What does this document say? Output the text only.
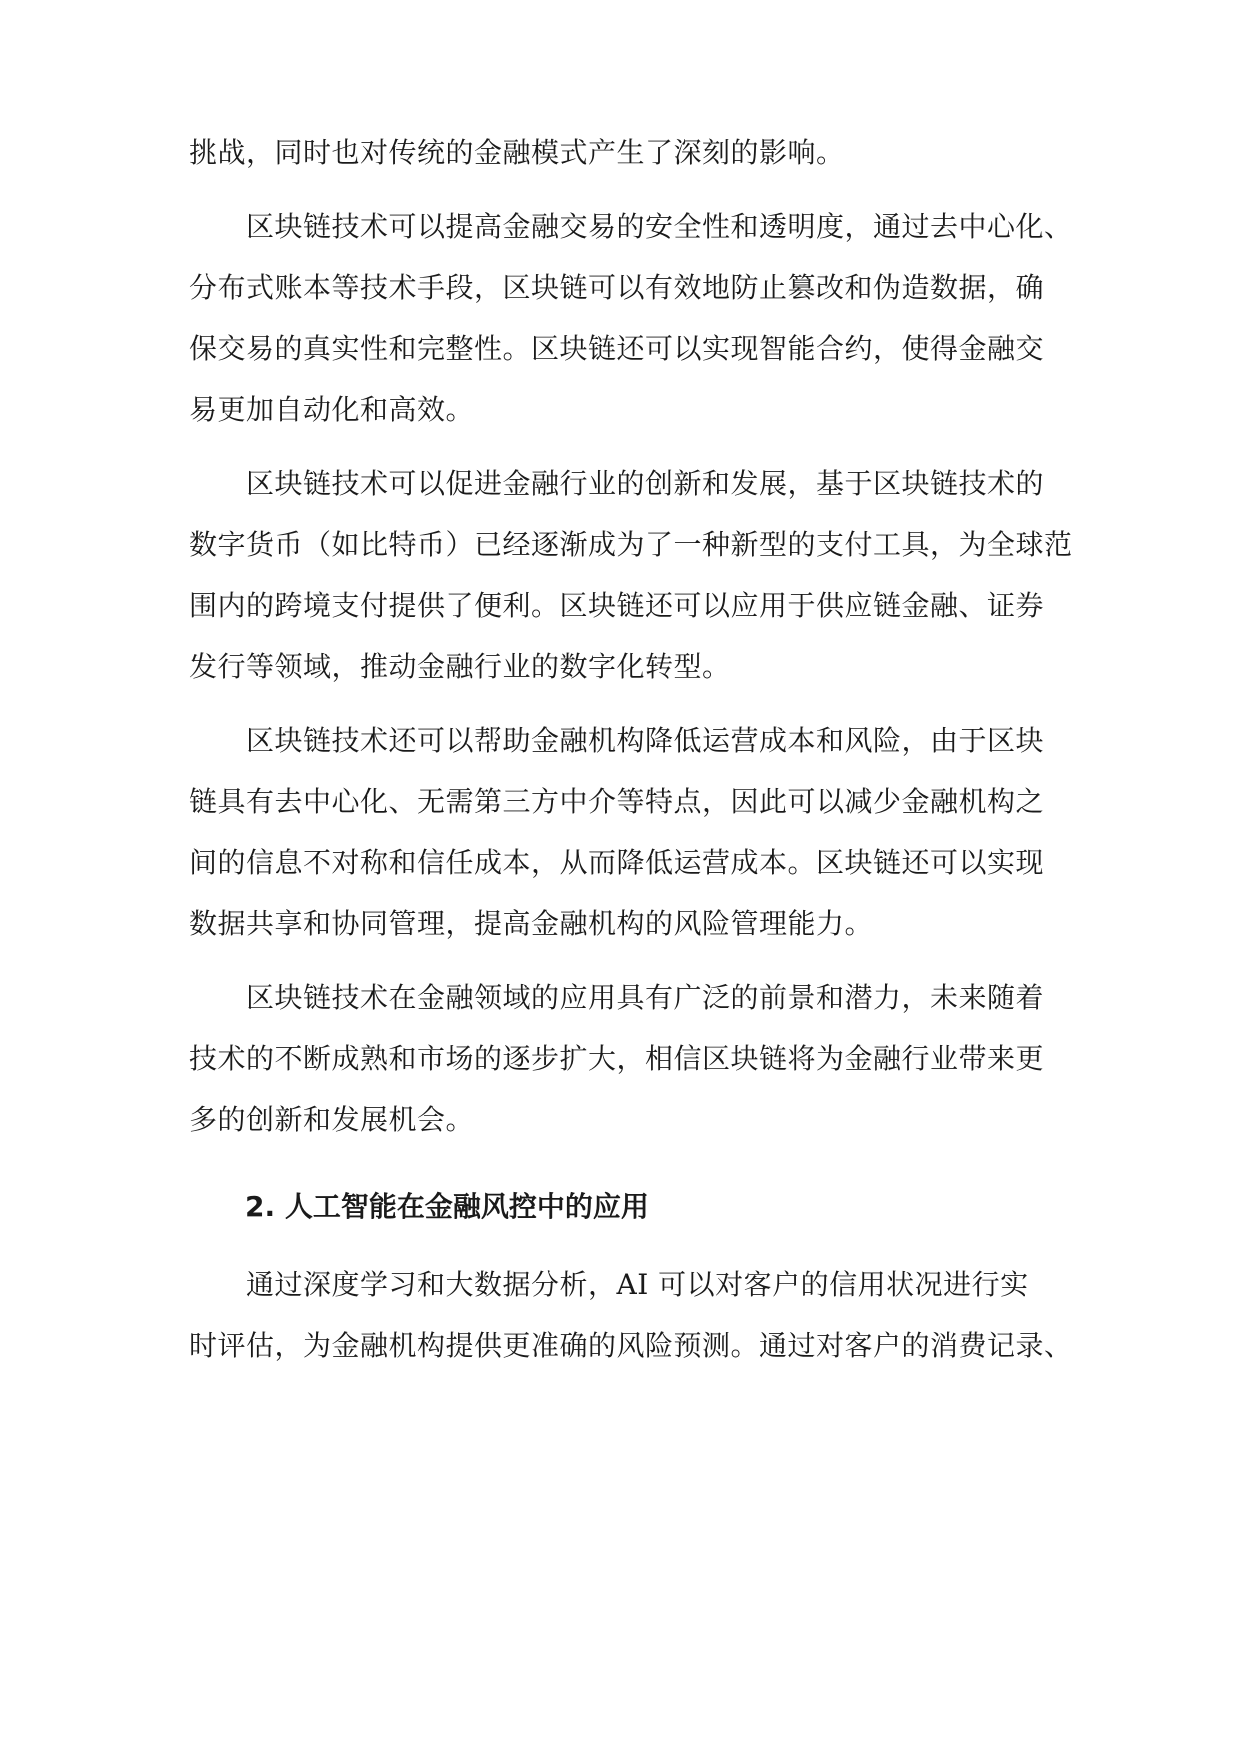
挑战，同时也对传统的金融模式产生了深刻的影响。
　　区块链技术可以提高金融交易的安全性和透明度，通过去中心化、
分布式账本等技术手段，区块链可以有效地防止篡改和伪造数据，确
保交易的真实性和完整性。区块链还可以实现智能合约，使得金融交
易更加自动化和高效。
　　区块链技术可以促进金融行业的创新和发展，基于区块链技术的
数字货币（如比特币）已经逐渐成为了一种新型的支付工具，为全球范
围内的跨境支付提供了便利。区块链还可以应用于供应链金融、证券
发行等领域，推动金融行业的数字化转型。
　　区块链技术还可以帮助金融机构降低运营成本和风险，由于区块
链具有去中心化、无需第三方中介等特点，因此可以减少金融机构之
间的信息不对称和信任成本，从而降低运营成本。区块链还可以实现
数据共享和协同管理，提高金融机构的风险管理能力。
　　区块链技术在金融领域的应用具有广泛的前景和潜力，未来随着
技术的不断成熟和市场的逐步扩大，相信区块链将为金融行业带来更
多的创新和发展机会。
2. 人工智能在金融风控中的应用
　　通过深度学习和大数据分析，AI 可以对客户的信用状况进行实
时评估，为金融机构提供更准确的风险预测。通过对客户的消费记录、
